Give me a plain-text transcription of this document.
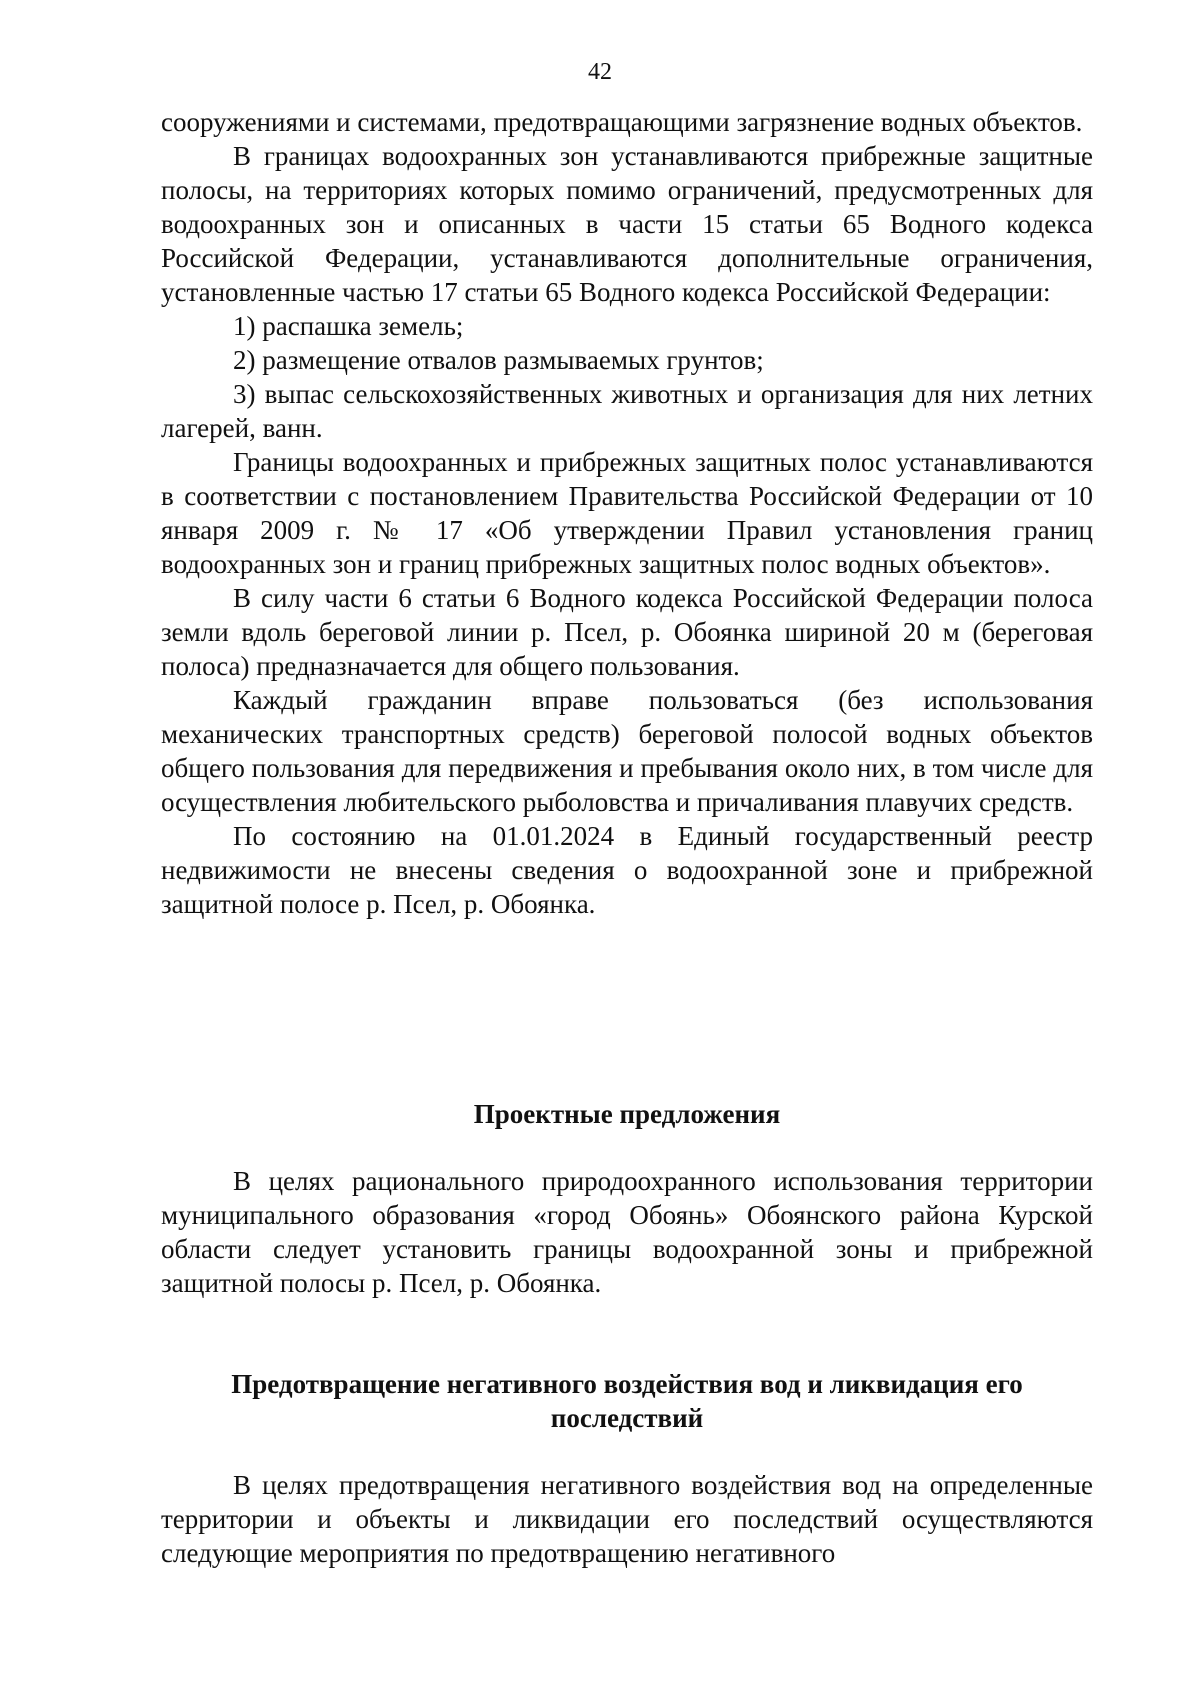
42

сооружениями и системами, предотвращающими загрязнение водных объектов.

В границах водоохранных зон устанавливаются прибрежные защитные полосы, на территориях которых помимо ограничений, предусмотренных для водоохранных зон и описанных в части 15 статьи 65 Водного кодекса Российской Федерации, устанавливаются дополнительные ограничения, установленные частью 17 статьи 65 Водного кодекса Российской Федерации:

1) распашка земель;

2) размещение отвалов размываемых грунтов;

3) выпас сельскохозяйственных животных и организация для них летних лагерей, ванн.

Границы водоохранных и прибрежных защитных полос устанавливаются в соответствии с постановлением Правительства Российской Федерации от 10 января 2009 г. № 17 «Об утверждении Правил установления границ водоохранных зон и границ прибрежных защитных полос водных объектов».

В силу части 6 статьи 6 Водного кодекса Российской Федерации полоса земли вдоль береговой линии р. Псел, р. Обоянка шириной 20 м (береговая полоса) предназначается для общего пользования.

Каждый гражданин вправе пользоваться (без использования механических транспортных средств) береговой полосой водных объектов общего пользования для передвижения и пребывания около них, в том числе для осуществления любительского рыболовства и причаливания плавучих средств.

По состоянию на 01.01.2024 в Единый государственный реестр недвижимости не внесены сведения о водоохранной зоне и прибрежной защитной полосе р. Псел, р. Обоянка.

Проектные предложения

В целях рационального природоохранного использования территории муниципального образования «город Обоянь» Обоянского района Курской области следует установить границы водоохранной зоны и прибрежной защитной полосы р. Псел, р. Обоянка.

Предотвращение негативного воздействия вод и ликвидация его
последствий

В целях предотвращения негативного воздействия вод на определенные территории и объекты и ликвидации его последствий осуществляются следующие мероприятия по предотвращению негативного
